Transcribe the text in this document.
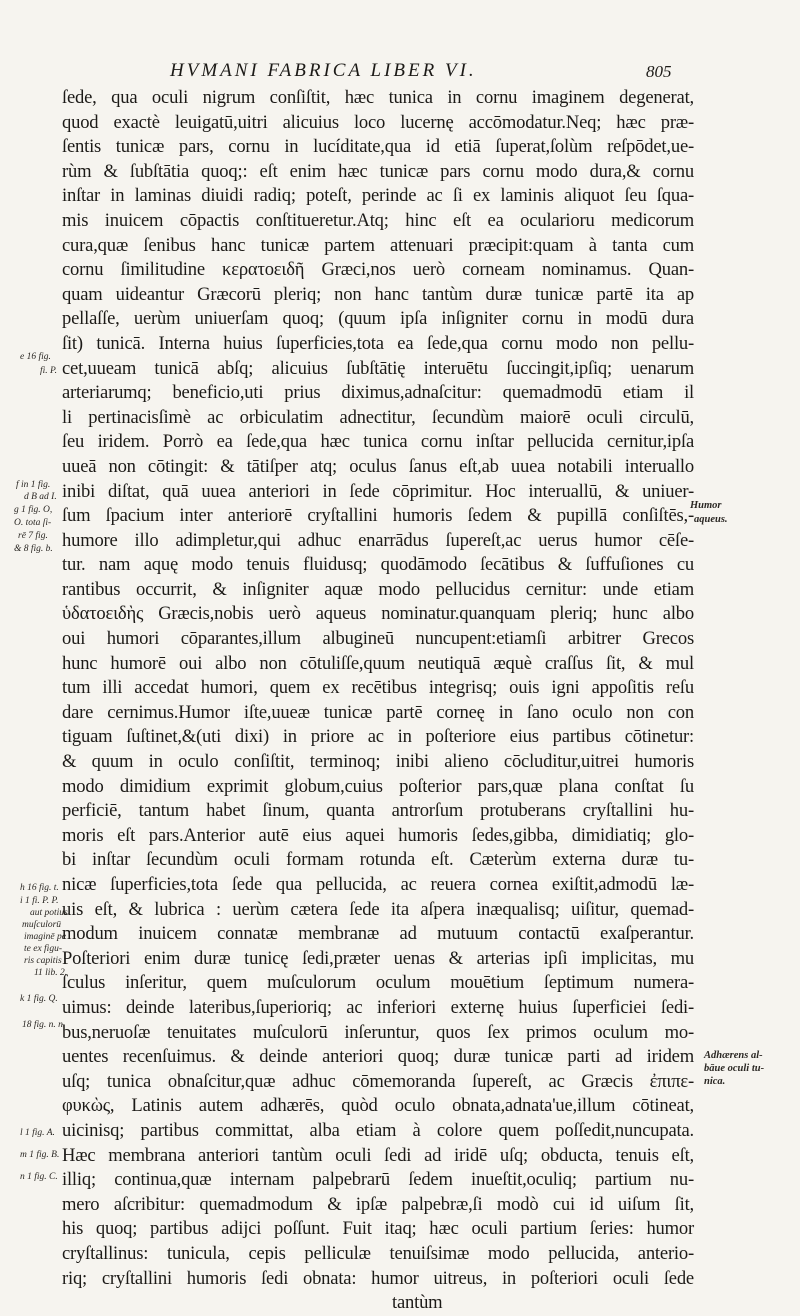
HVMANI FABRICA LIBER VI.	805
ſede, qua oculi nigrum conſiſtit, hæc tunica in cornu imaginem degenerat,
quod exactè leuigatū,uitri alicuius loco lucernę accōmodatur.Neq; hæc præ-
ſentis tunicæ pars, cornu in lucíditate,qua id etiā ſuperat,ſolùm reſpōdet,ue-
rùm & ſubſtātia quoq;: eſt enim hæc tunicæ pars cornu modo dura,& cornu
inſtar in laminas diuidi radiq; poteſt, perinde ac ſi ex laminis aliquot ſeu ſqua-
mis inuicem cōpactis conſtitueretur.Atq; hinc eſt ea ocularioru medicorum
cura,quæ ſenibus hanc tunicæ partem attenuari præcipit:quam à tanta cum
cornu ſimilitudine κερατοειδῆ Græci,nos uerò corneam nominamus. Quan-
quam uideantur Græcorū pleriq; non hanc tantùm duræ tunicæ partē ita ap
pellaſſe, uerùm uniuerſam quoq; (quum ipſa inſigniter cornu in modū dura
ſit) tunicā. Interna huius ſuperficies,tota ea ſede,qua cornu modo non pellu-
cet,uueam tunicā abſq; alicuius ſubſtātię interuētu ſuccingit,ipſiq; uenarum
arteriarumq; beneficio,uti prius diximus,adnaſcitur: quemadmodū etiam il
li pertinacisſimè ac orbiculatim adnectitur, ſecundùm maiorē oculi circulū,
ſeu iridem. Porrò ea ſede,qua hæc tunica cornu inſtar pellucida cernitur,ipſa
uueā non cōtingit: & tātiſper atq; oculus ſanus eſt,ab uuea notabili interuallo
inibi diſtat, quā uuea anteriori in ſede cōprimitur. Hoc interuallū, & uniuer-
ſum ſpacium inter anteriorē cryſtallini humoris ſedem & pupillā conſiſtēs,-
humore illo adimpletur,qui adhuc enarrādus ſupereſt,ac uerus humor cēſe-
tur. nam aquę modo tenuis fluidusq; quodāmodo ſecātibus & ſuffuſiones cu
rantibus occurrit, & inſigniter aquæ modo pellucidus cernitur: unde etiam
ὑδατοειδὴς Græcis,nobis uerò aqueus nominatur.quanquam pleriq; hunc albo
oui humori cōparantes,illum albugineū nuncupent:etiamſi arbitrer Grecos
hunc humorē oui albo non cōtuliſſe,quum neutiquā æquè craſſus ſit, & mul
tum illi accedat humori, quem ex recētibus integrisq; ouis igni appoſitis reſu
dare cernimus.Humor iſte,uueæ tunicæ partē corneę in ſano oculo non con
tiguam ſuſtinet,&(uti dixi) in priore ac in poſteriore eius partibus cōtinetur:
& quum in oculo conſiſtit, terminoq; inibi alieno cōcluditur,uitrei humoris
modo dimidium exprimit globum,cuius poſterior pars,quæ plana conſtat ſu
perficiē, tantum habet ſinum, quanta antrorſum protuberans cryſtallini hu-
moris eſt pars.Anterior autē eius aquei humoris ſedes,gibba, dimidiatiq; glo-
bi inſtar ſecundùm oculi formam rotunda eſt. Cæterùm externa duræ tu-
nicæ ſuperficies,tota ſede qua pellucida, ac reuera cornea exiſtit,admodū læ-
uis eſt, & lubrica : uerùm cætera ſede ita aſpera inæqualisq; uiſitur, quemad-
modum inuicem connatæ membranæ ad mutuum contactū exaſperantur.
Poſteriori enim duræ tunicę ſedi,præter uenas & arterias ipſi implicitas, mu
ſculus inſeritur, quem muſculorum oculum mouētium ſeptimum numera-
uimus: deinde lateribus,ſuperioriq; ac inferiori externę huius ſuperficiei ſedi-
bus,neruoſæ tenuitates muſculorū inſeruntur, quos ſex primos oculum mo-
uentes recenſuimus. & deinde anteriori quoq; duræ tunicæ parti ad iridem
uſq; tunica obnaſcitur,quæ adhuc cōmemoranda ſupereſt, ac Græcis ἐπιπε-
φυκὼς, Latinis autem adhærēs, quòd oculo obnata,adnata'ue,illum cōtineat,
uicinisq; partibus committat, alba etiam à colore quem poſſedit,nuncupata.
Hæc membrana anteriori tantùm oculi ſedi ad iridē uſq; obducta, tenuis eſt,
illiq; continua,quæ internam palpebrarū ſedem inueſtit,oculiq; partium nu-
mero aſcribitur: quemadmodum & ipſæ palpebræ,ſi modò cui id uiſum ſit,
his quoq; partibus adijci poſſunt. Fuit itaq; hæc oculi partium ſeries: humor
cryſtallinus: tunicula, cepis pelliculæ tenuiſsimæ modo pellucida, anterio-
riq; cryſtallini humoris ſedi obnata: humor uitreus, in poſteriori oculi ſede
tantùm
e 16 fig.
fi. P.
f in 1 fig.
d B ad I.
g 1 fig. O,
O. tota ſi-
rē 7 fig.
& 8 fig. b.
h 16 fig. t.
i 1 fi. P. P.
aut potius
muſculorū
imaginē pe
te ex figu-
ris capitis
11 lib. 2.
k 1 fig. Q.
18 fig. n. n.
l 1 fig. A.
m 1 fig. B.
n 1 fig. C.
Humor
aqueus.
Adhærens al-
bāue oculi tu-
nica.
